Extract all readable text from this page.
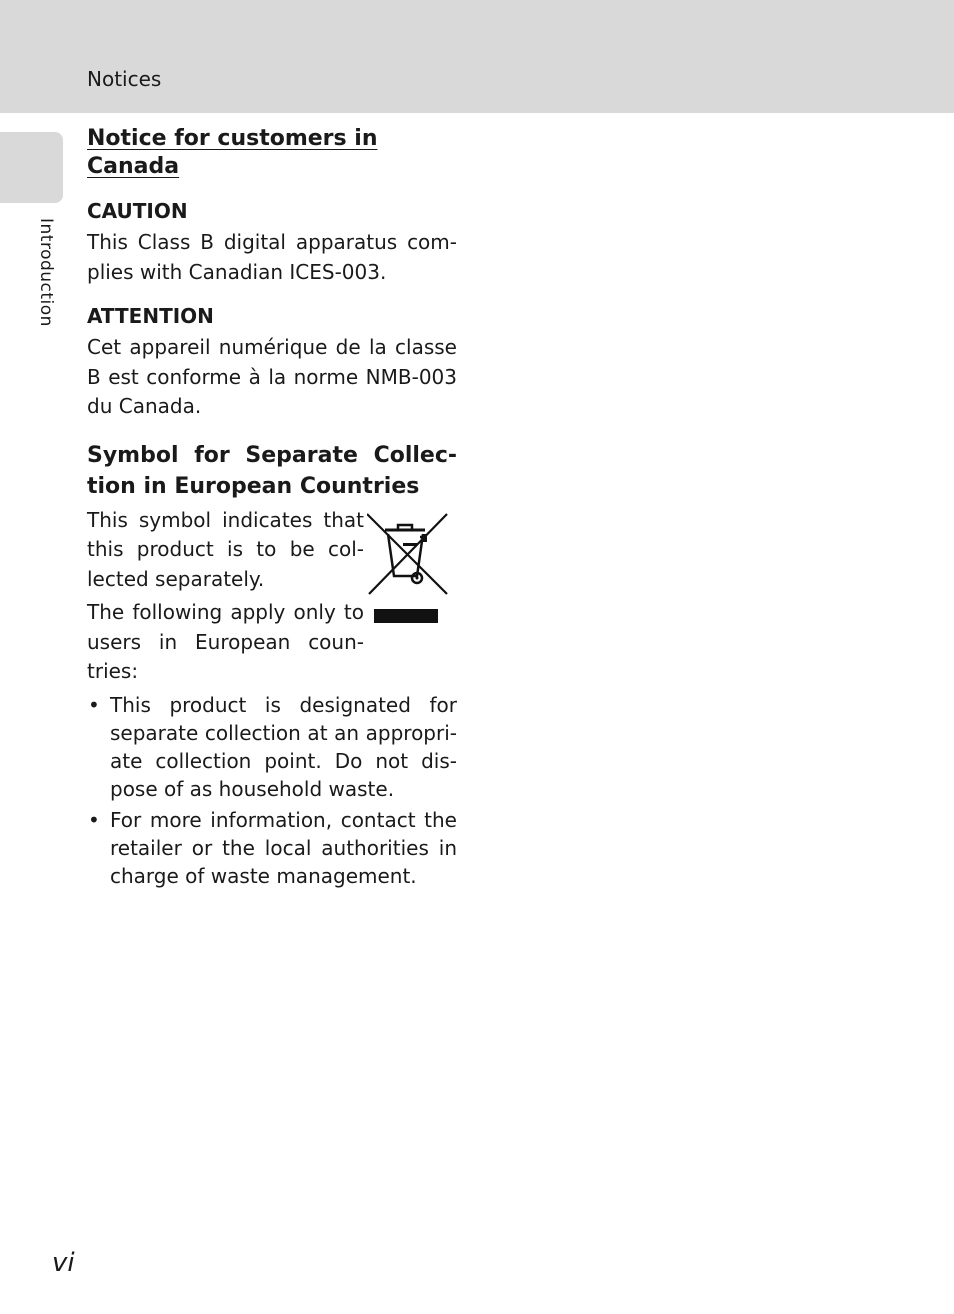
Notices
Introduction
Notice for customers in Canada
CAUTION

This Class B digital apparatus com-plies with Canadian ICES-003.

ATTENTION

Cet appareil numérique de la classe B est conforme à la norme NMB-003 du Canada.

Symbol for Separate Collec-tion in European Countries

This symbol indicates that this product is to be col-lected separately.

The following apply only to users in European coun-tries:

• This product is designated for separate collection at an appropri-ate collection point. Do not dis-pose of as household waste.
• For more information, contact the retailer or the local authorities in charge of waste management.
vi
